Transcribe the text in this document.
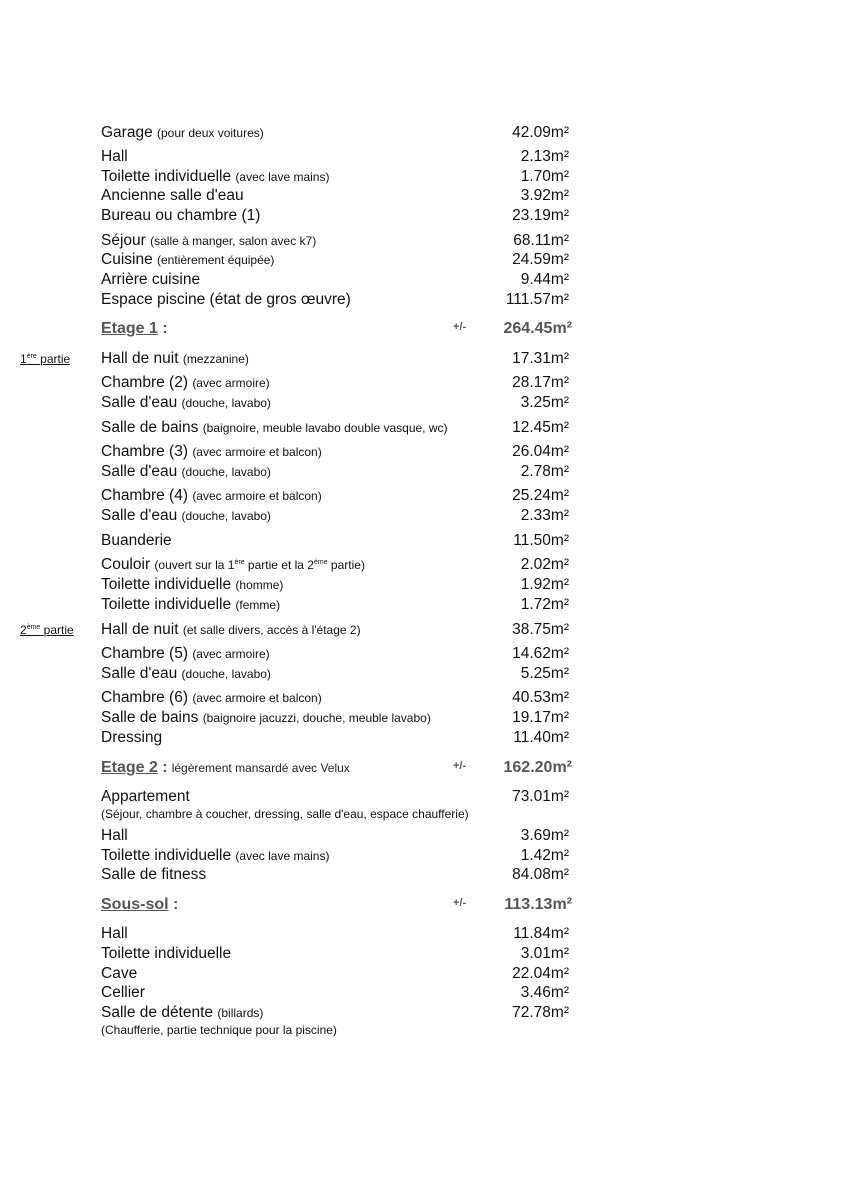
Garage (pour deux voitures)	42.09m²
Hall	2.13m²
Toilette individuelle (avec lave mains)	1.70m²
Ancienne salle d'eau	3.92m²
Bureau ou chambre (1)	23.19m²
Séjour (salle à manger, salon avec k7)	68.11m²
Cuisine (entièrement équipée)	24.59m²
Arrière cuisine	9.44m²
Espace piscine (état de gros œuvre)	111.57m²
Etage 1 :	+/- 264.45m²
1ère partie Hall de nuit (mezzanine)	17.31m²
Chambre (2) (avec armoire)	28.17m²
Salle d'eau (douche, lavabo)	3.25m²
Salle de bains (baignoire, meuble lavabo double vasque, wc)	12.45m²
Chambre (3) (avec armoire et balcon)	26.04m²
Salle d'eau (douche, lavabo)	2.78m²
Chambre (4) (avec armoire et balcon)	25.24m²
Salle d'eau (douche, lavabo)	2.33m²
Buanderie	11.50m²
Couloir (ouvert sur la 1ère partie et la 2ème partie)	2.02m²
Toilette individuelle (homme)	1.92m²
Toilette individuelle (femme)	1.72m²
2ème partie Hall de nuit (et salle divers, accès à l'étage 2)	38.75m²
Chambre (5) (avec armoire)	14.62m²
Salle d'eau (douche, lavabo)	5.25m²
Chambre (6) (avec armoire et balcon)	40.53m²
Salle de bains (baignoire jacuzzi, douche, meuble lavabo)	19.17m²
Dressing	11.40m²
Etage 2 : légèrement mansardé avec Velux	+/- 162.20m²
Appartement	73.01m²
(Séjour, chambre à coucher, dressing, salle d'eau, espace chaufferie)
Hall	3.69m²
Toilette individuelle (avec lave mains)	1.42m²
Salle de fitness	84.08m²
Sous-sol :	+/- 113.13m²
Hall	11.84m²
Toilette individuelle	3.01m²
Cave	22.04m²
Cellier	3.46m²
Salle de détente (billards)	72.78m²
(Chaufferie, partie technique pour la piscine)
